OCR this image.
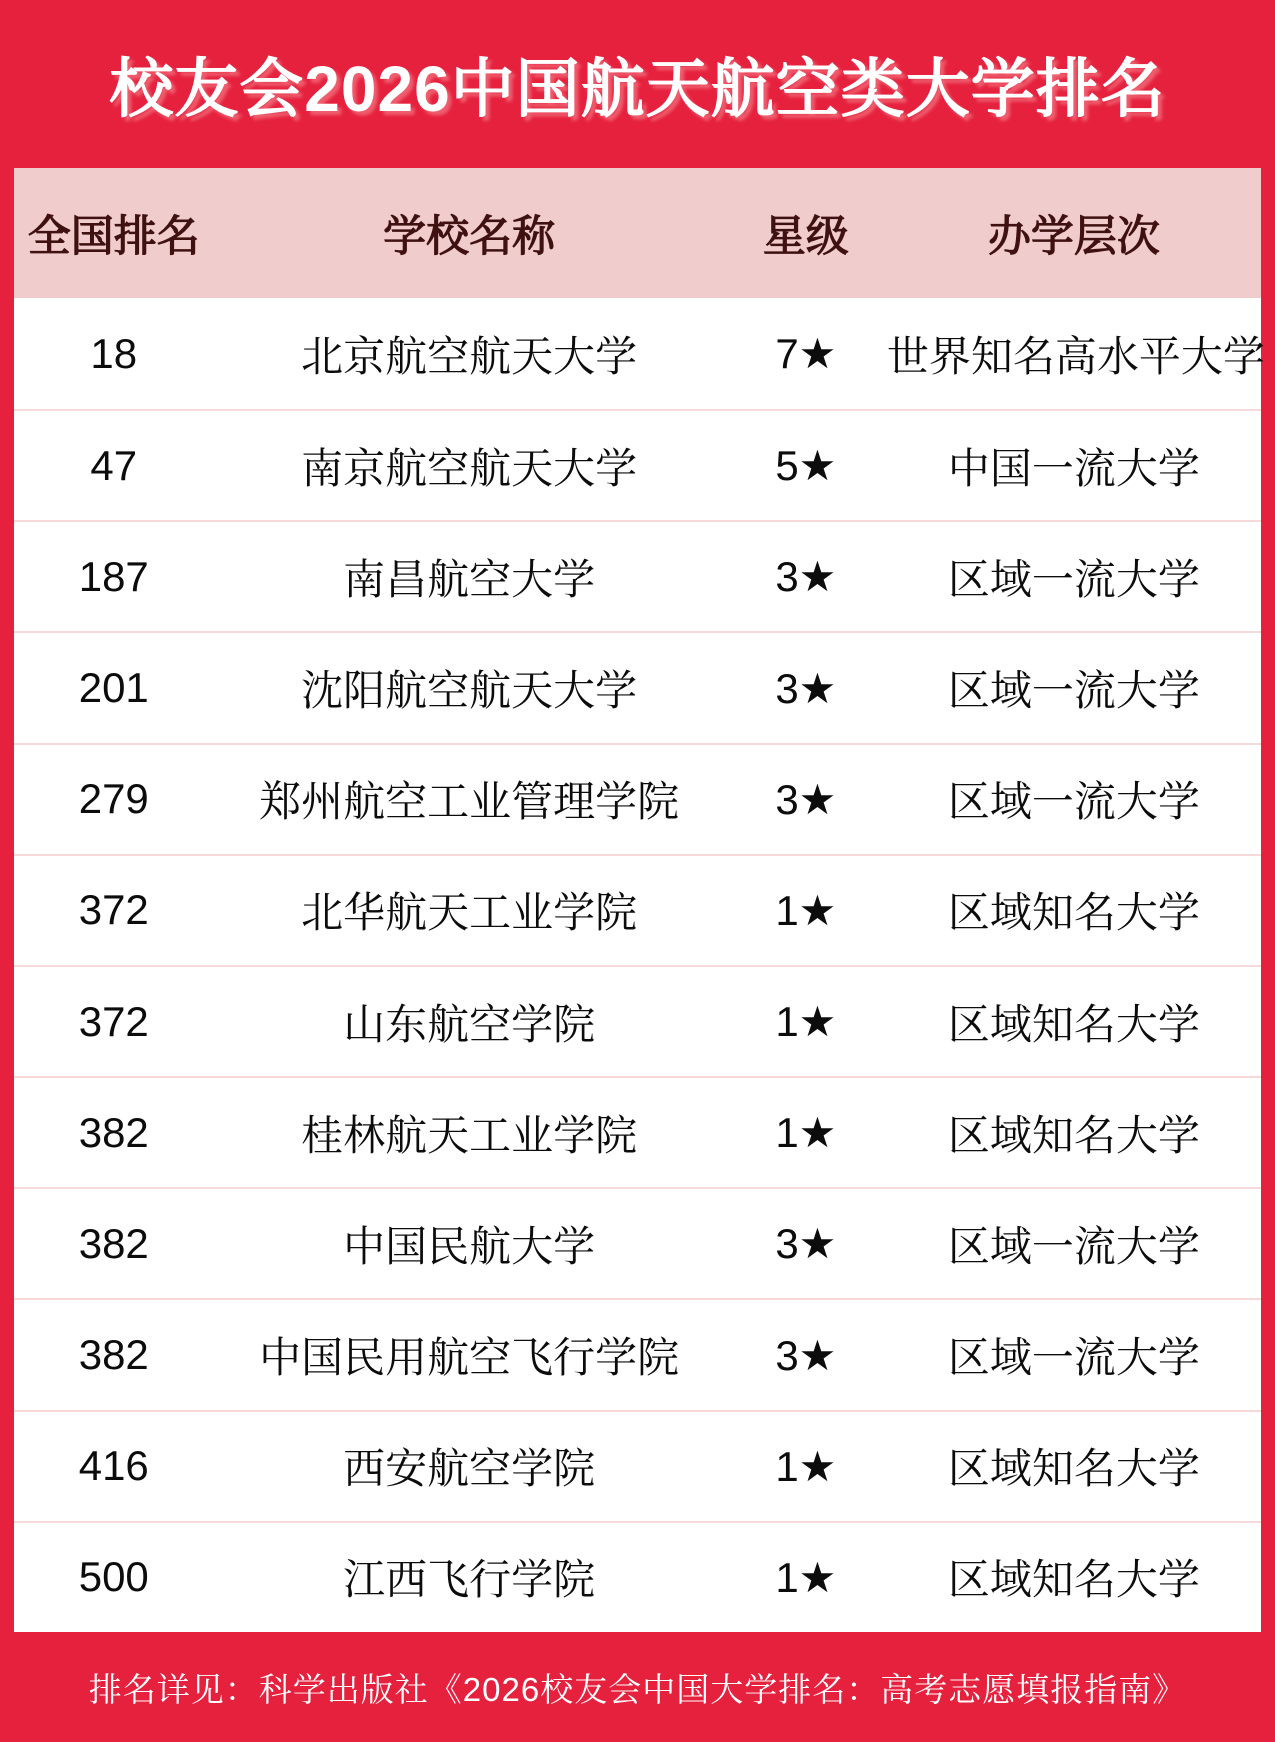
校友会2026中国航天航空类大学排名
全国排名	学校名称	星级	办学层次
18	北京航空航天大学	7★	世界知名高水平大学
47	南京航空航天大学	5★	中国一流大学
187	南昌航空大学	3★	区域一流大学
201	沈阳航空航天大学	3★	区域一流大学
279	郑州航空工业管理学院	3★	区域一流大学
372	北华航天工业学院	1★	区域知名大学
372	山东航空学院	1★	区域知名大学
382	桂林航天工业学院	1★	区域知名大学
382	中国民航大学	3★	区域一流大学
382	中国民用航空飞行学院	3★	区域一流大学
416	西安航空学院	1★	区域知名大学
500	江西飞行学院	1★	区域知名大学
排名详见：科学出版社《2026校友会中国大学排名：高考志愿填报指南》
